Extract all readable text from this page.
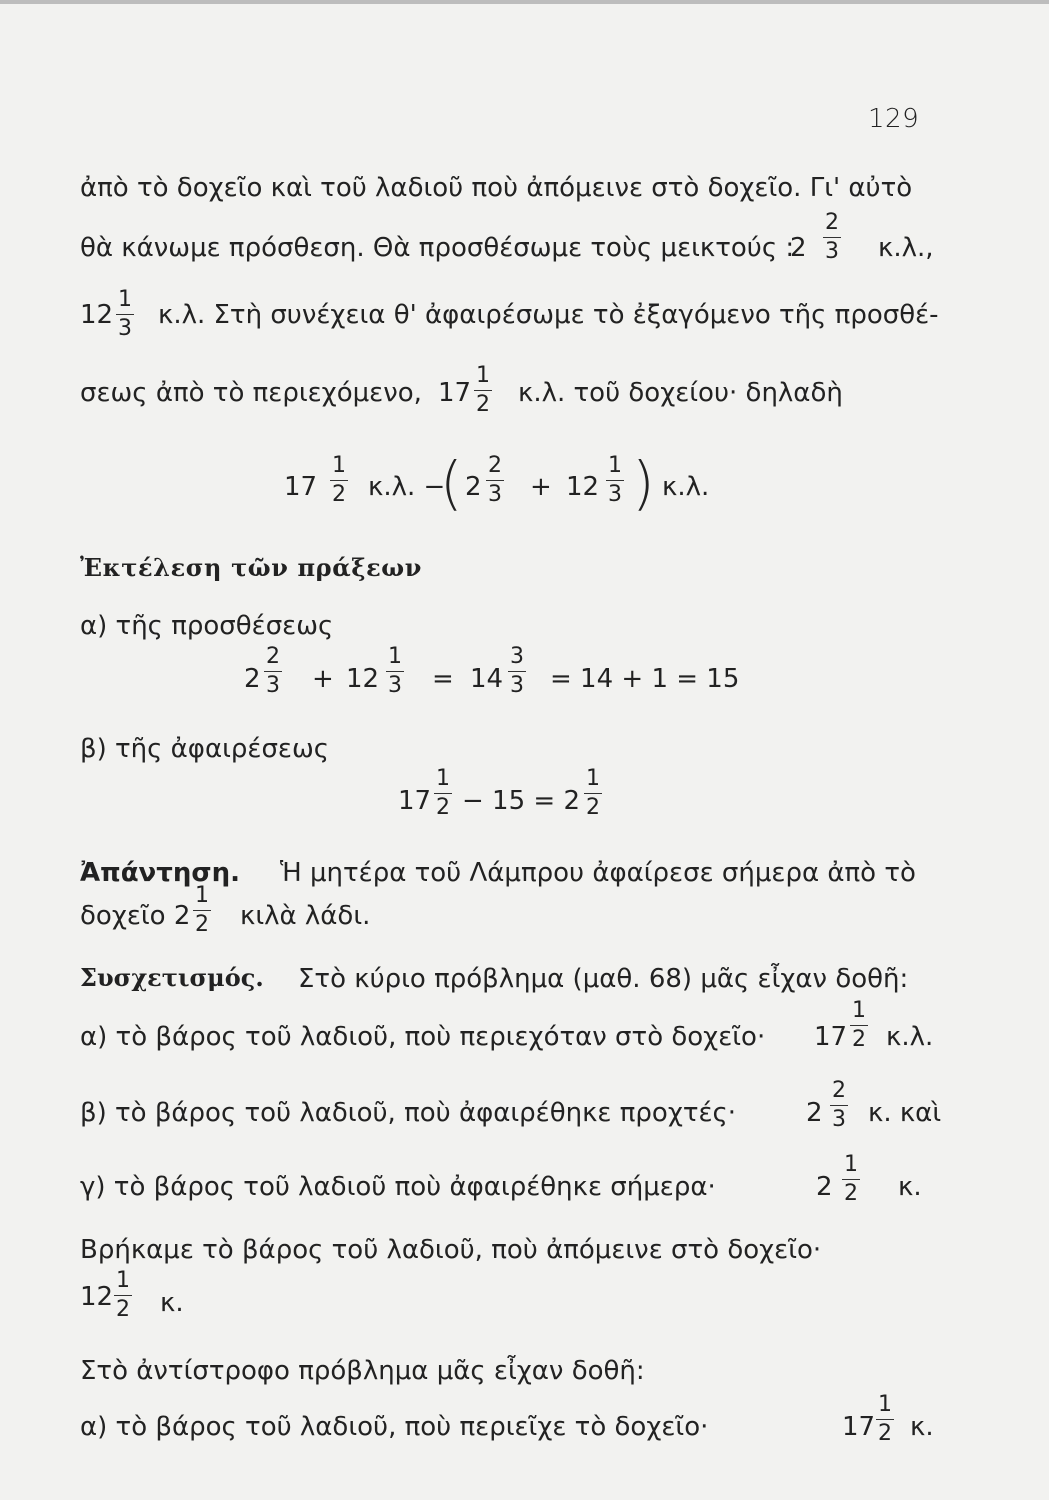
129
ἀπὸ τὸ δοχεῖο καὶ τοῦ λαδιοῦ ποὺ ἀπόμεινε στὸ δοχεῖο. Γι' αὐτὸ
θὰ κάνωμε πρόσθεση. Θὰ προσθέσωμε τοὺς μεικτούς :
2
2
3 κ.λ.,
12
1
3 κ.λ. Στὴ συνέχεια θ' ἀφαιρέσωμε τὸ ἐξαγόμενο τῆς προσθέ-
σεως ἀπὸ τὸ περιεχόμενο, 17
1
2 κ.λ. τοῦ δοχείου· δηλαδὴ
17
1
2 κ.λ. −
( 2
2
3 + 12
1
3 ) κ.λ.
Ἐκτέλεση τῶν πράξεων
α) τῆς προσθέσεως
2
2
3 + 12
1
3 = 14
3
3 = 14 + 1 = 15
β) τῆς ἀφαιρέσεως
17
1
2 − 15 = 2
1
2
Ἀπάντηση. Ἡ μητέρα τοῦ Λάμπρου ἀφαίρεσε σήμερα ἀπὸ τὸ
δοχεῖο 2
1
2 κιλὰ λάδι.
Συσχετισμός. Στὸ κύριο πρόβλημα (μαθ. 68) μᾶς εἶχαν δοθῆ:
α) τὸ βάρος τοῦ λαδιοῦ, ποὺ περιεχόταν στὸ δοχεῖο· 17
1
2 κ.λ.
β) τὸ βάρος τοῦ λαδιοῦ, ποὺ ἀφαιρέθηκε προχτές·	2
2
3 κ. καὶ
γ) τὸ βάρος τοῦ λαδιοῦ ποὺ ἀφαιρέθηκε σήμερα·	2
1
2 κ.
Βρήκαμε τὸ βάρος τοῦ λαδιοῦ, ποὺ ἀπόμεινε στὸ δοχεῖο·
12
1
2 κ.
Στὸ ἀντίστροφο πρόβλημα μᾶς εἶχαν δοθῆ:
α) τὸ βάρος τοῦ λαδιοῦ, ποὺ περιεῖχε τὸ δοχεῖο·	17
1
2 κ.
